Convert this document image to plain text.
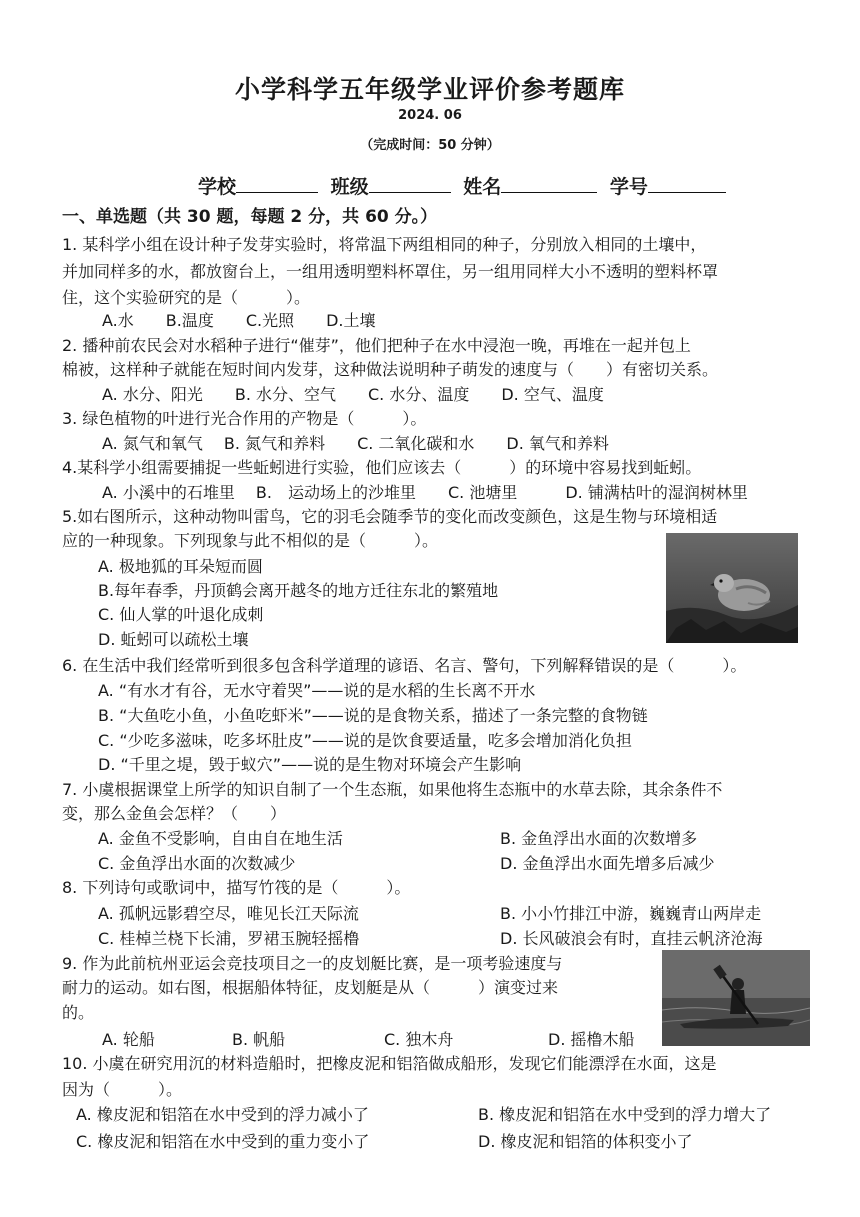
小学科学五年级学业评价参考题库
2024. 06
（完成时间：50 分钟）
学校	班级	姓名	学号
一、单选题（共 30 题，每题 2 分，共 60 分。）
1. 某科学小组在设计种子发芽实验时，将常温下两组相同的种子，分别放入相同的土壤中，
并加同样多的水，都放窗台上，一组用透明塑料杯罩住，另一组用同样大小不透明的塑料杯罩
住，这个实验研究的是（　　　）。
A.水　　B.温度　　C.光照　　D.土壤
2. 播种前农民会对水稻种子进行“催芽”，他们把种子在水中浸泡一晚，再堆在一起并包上
棉被，这样种子就能在短时间内发芽，这种做法说明种子萌发的速度与（　　）有密切关系。
A. 水分、阳光　　B. 水分、空气　　C. 水分、温度　　D. 空气、温度
3. 绿色植物的叶进行光合作用的产物是（　　　）。
A. 氮气和氧气　 B. 氮气和养料　　C. 二氧化碳和水　　D. 氧气和养料
4.某科学小组需要捕捉一些蚯蚓进行实验，他们应该去（　　　）的环境中容易找到蚯蚓。
A. 小溪中的石堆里　 B.　运动场上的沙堆里　　C. 池塘里　　　D. 铺满枯叶的湿润树林里
5.如右图所示，这种动物叫雷鸟，它的羽毛会随季节的变化而改变颜色，这是生物与环境相适
应的一种现象。下列现象与此不相似的是（　　　）。
A. 极地狐的耳朵短而圆
B.每年春季，丹顶鹤会离开越冬的地方迁往东北的繁殖地
C. 仙人掌的叶退化成刺
D. 蚯蚓可以疏松土壤
6. 在生活中我们经常听到很多包含科学道理的谚语、名言、警句，下列解释错误的是（　　　）。
A. “有水才有谷，无水守着哭”——说的是水稻的生长离不开水
B. “大鱼吃小鱼，小鱼吃虾米”——说的是食物关系，描述了一条完整的食物链
C. “少吃多滋味，吃多坏肚皮”——说的是饮食要适量，吃多会增加消化负担
D. “千里之堤，毁于蚁穴”——说的是生物对环境会产生影响
7. 小虞根据课堂上所学的知识自制了一个生态瓶，如果他将生态瓶中的水草去除，其余条件不
变，那么金鱼会怎样？（　　）
A. 金鱼不受影响，自由自在地生活	B. 金鱼浮出水面的次数增多
C. 金鱼浮出水面的次数减少	D. 金鱼浮出水面先增多后减少
8. 下列诗句或歌词中，描写竹筏的是（　　　）。
A. 孤帆远影碧空尽，唯见长江天际流	B. 小小竹排江中游，巍巍青山两岸走
C. 桂棹兰桡下长浦，罗裙玉腕轻摇橹	D. 长风破浪会有时，直挂云帆济沧海
9. 作为此前杭州亚运会竞技项目之一的皮划艇比赛，是一项考验速度与
耐力的运动。如右图，根据船体特征，皮划艇是从（　　　）演变过来
的。
A. 轮船	B. 帆船	C. 独木舟	D. 摇橹木船
10. 小虞在研究用沉的材料造船时，把橡皮泥和铝箔做成船形，发现它们能漂浮在水面，这是
因为（　　　）。
A. 橡皮泥和铝箔在水中受到的浮力减小了	B. 橡皮泥和铝箔在水中受到的浮力增大了
C. 橡皮泥和铝箔在水中受到的重力变小了	D. 橡皮泥和铝箔的体积变小了
